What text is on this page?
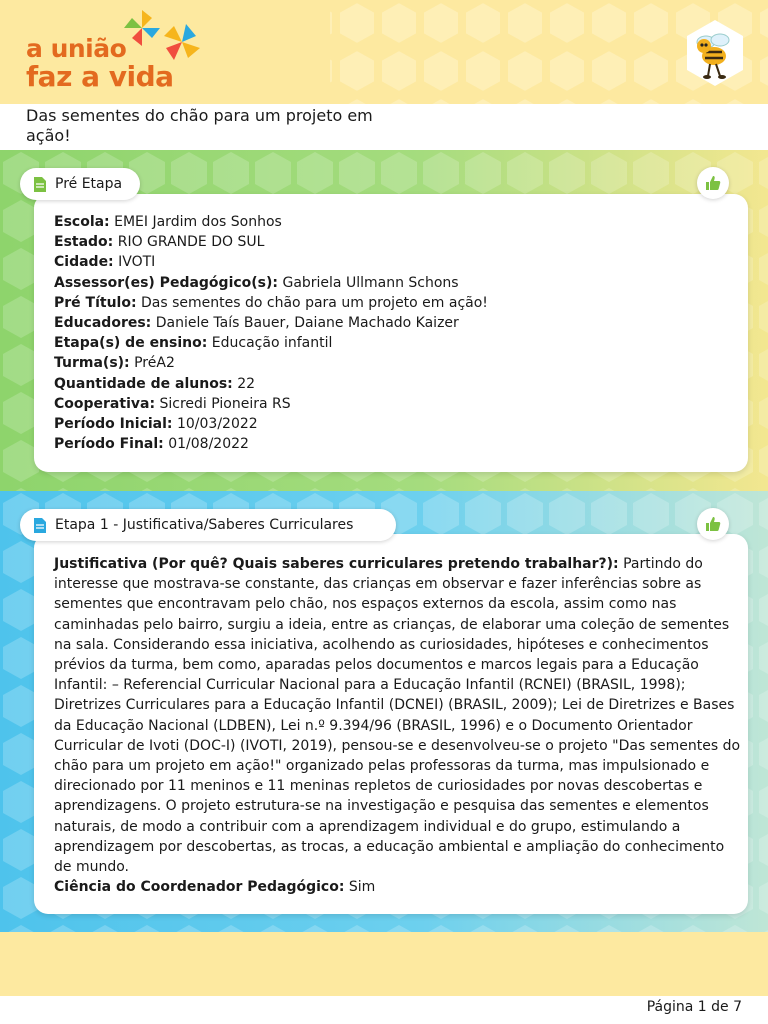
a união
faz a vida
Das sementes do chão para um projeto em ação!
Pré Etapa
Escola: EMEI Jardim dos Sonhos
Estado: RIO GRANDE DO SUL
Cidade: IVOTI
Assessor(es) Pedagógico(s): Gabriela Ullmann Schons
Pré Título: Das sementes do chão para um projeto em ação!
Educadores: Daniele Taís Bauer, Daiane Machado Kaizer
Etapa(s) de ensino: Educação infantil
Turma(s): PréA2
Quantidade de alunos: 22
Cooperativa: Sicredi Pioneira RS
Período Inicial: 10/03/2022
Período Final: 01/08/2022
Etapa 1 - Justificativa/Saberes Curriculares
Justificativa (Por quê? Quais saberes curriculares pretendo trabalhar?): Partindo do interesse que mostrava-se constante, das crianças em observar e fazer inferências sobre as sementes que encontravam pelo chão, nos espaços externos da escola, assim como nas caminhadas pelo bairro, surgiu a ideia, entre as crianças, de elaborar uma coleção de sementes na sala. Considerando essa iniciativa, acolhendo as curiosidades, hipóteses e conhecimentos prévios da turma, bem como, aparadas pelos documentos e marcos legais para a Educação Infantil: – Referencial Curricular Nacional para a Educação Infantil (RCNEI) (BRASIL, 1998); Diretrizes Curriculares para a Educação Infantil (DCNEI) (BRASIL, 2009); Lei de Diretrizes e Bases da Educação Nacional (LDBEN), Lei n.º 9.394/96 (BRASIL, 1996) e o Documento Orientador Curricular de Ivoti (DOC-I) (IVOTI, 2019), pensou-se e desenvolveu-se o projeto "Das sementes do chão para um projeto em ação!" organizado pelas professoras da turma, mas impulsionado e direcionado por 11 meninos e 11 meninas repletos de curiosidades por novas descobertas e aprendizagens. O projeto estrutura-se na investigação e pesquisa das sementes e elementos naturais, de modo a contribuir com a aprendizagem individual e do grupo, estimulando a aprendizagem por descobertas, as trocas, a educação ambiental e ampliação do conhecimento de mundo.
Ciência do Coordenador Pedagógico: Sim
Página 1 de 7
